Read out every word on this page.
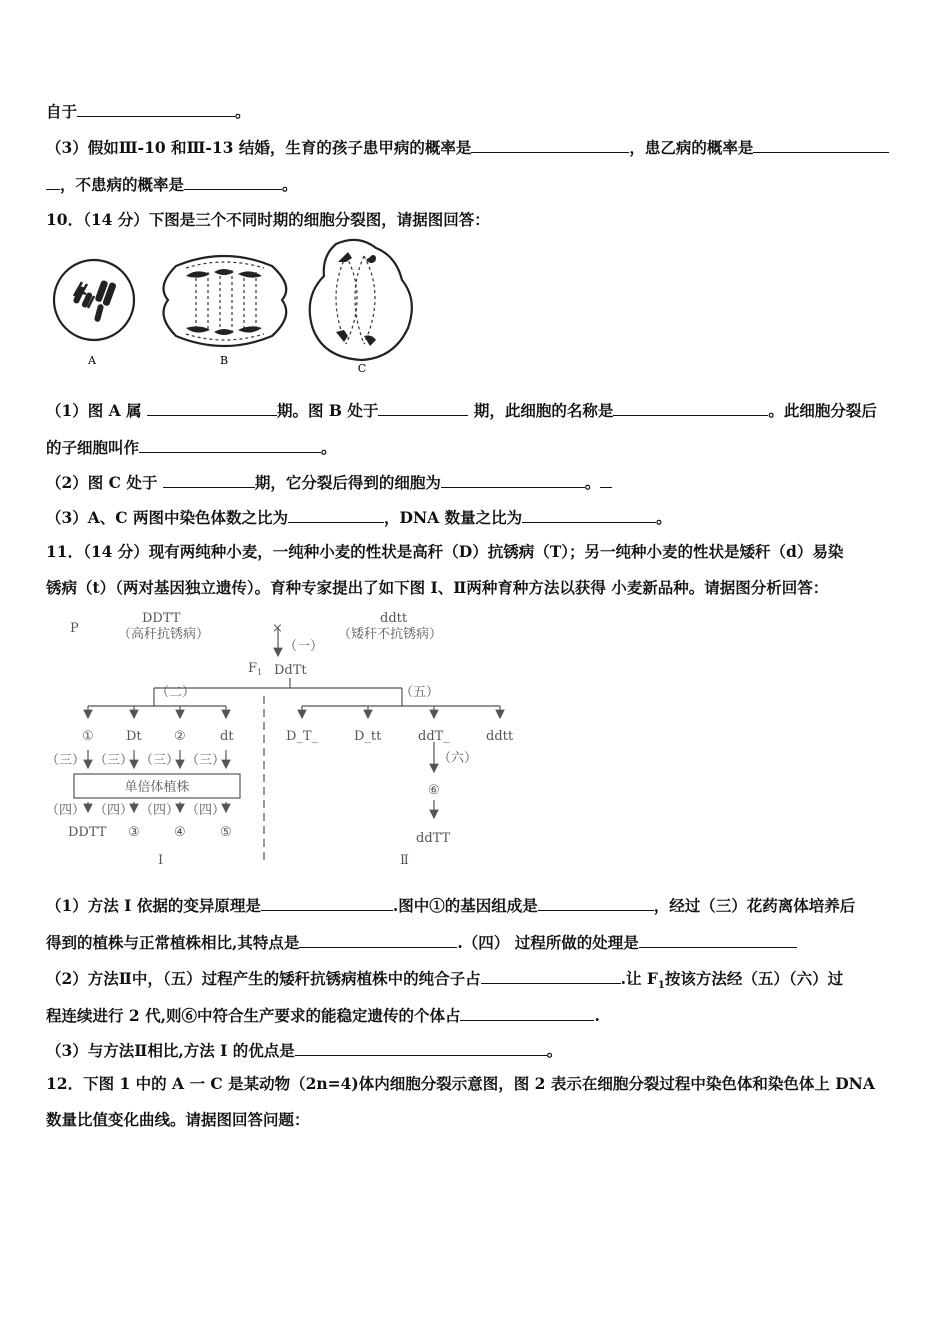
自于	。
（3）假如Ⅲ-10 和Ⅲ-13 结婚，生育的孩子患甲病的概率是	，患乙病的概率是
，不患病的概率是	。
10．（14 分）下图是三个不同时期的细胞分裂图，请据图回答：
A	B
C
（1）图 A 属	期。图 B 处于	期，此细胞的名称是	。此细胞分裂后
的子细胞叫作	。
（2）图 C 处于	期，它分裂后得到的细胞为	。
（3）A、C 两图中染色体数之比为	，DNA 数量之比为	。
11．（14 分）现有两纯种小麦，一纯种小麦的性状是高秆（D）抗锈病（T）；另一纯种小麦的性状是矮秆（d）易染
锈病（t）（两对基因独立遗传）。育种专家提出了如下图 I、Ⅱ两种育种方法以获得 小麦新品种。请据图分析回答：
P
DDTT
（高秆抗锈病）	×
ddtt
（矮秆不抗锈病）
（一）
$F_1$ DdTt
（二）	（五）
① Dt ②	dt
（三） （三） （三） （三）
单倍体植株
（四） （四） （四） （四）
DDTT ③	④	⑤
D_T_	D_tt	ddT_	ddtt
（六）
⑥
ddTT
I	Ⅱ
（1）方法 I 依据的变异原理是	.图中①的基因组成是	，经过（三）花药离体培养后
得到的植株与正常植株相比,其特点是	.（四） 过程所做的处理是
（2）方法Ⅱ中，（五）过程产生的矮秆抗锈病植株中的纯合子占	.让 $F_1$按该方法经（五）（六）过
程连续进行 2 代,则⑥中符合生产要求的能稳定遗传的个体占	.
（3）与方法Ⅱ相比,方法 I 的优点是	。
12．下图 1 中的 A 一 C 是某动物（2n=4)体内细胞分裂示意图，图 2 表示在细胞分裂过程中染色体和染色体上 DNA
数量比值变化曲线。请据图回答问题：
